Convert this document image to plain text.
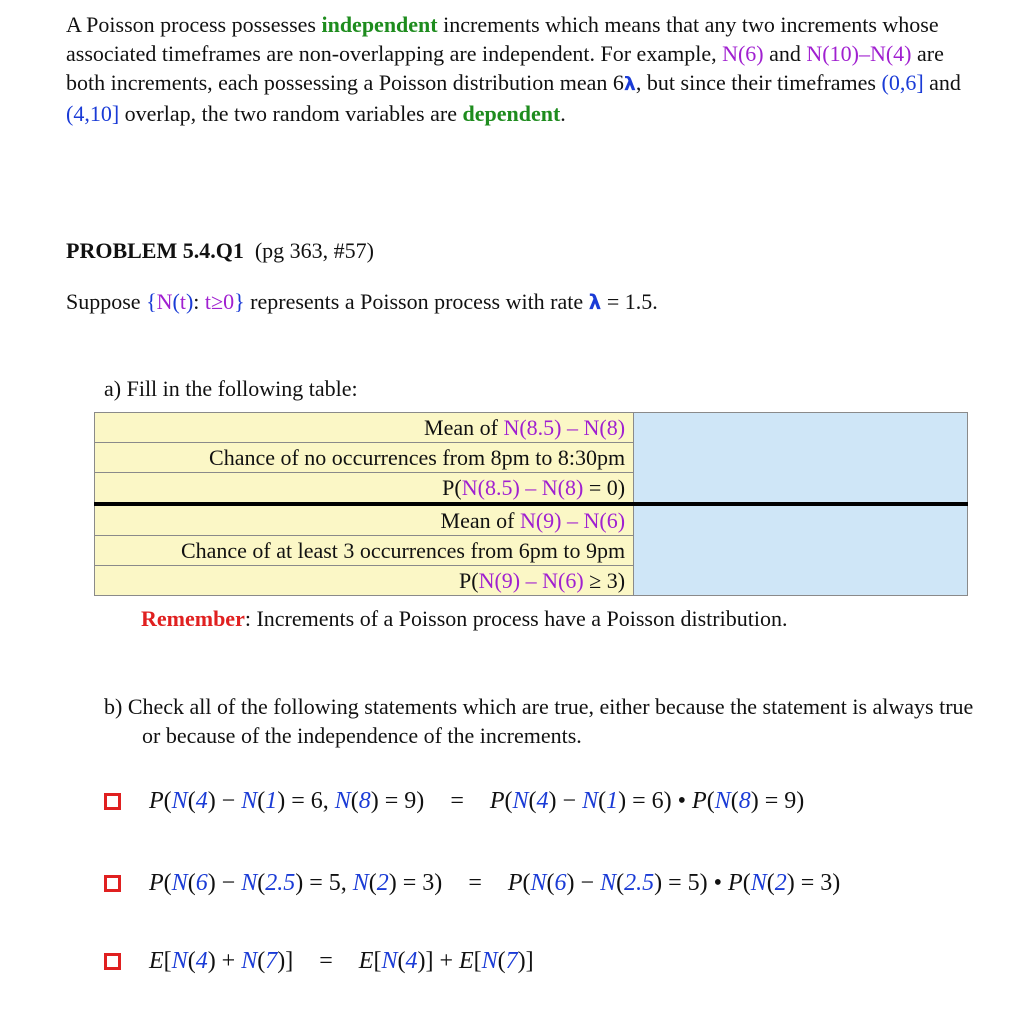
A Poisson process possesses independent increments which means that any two increments whose associated timeframes are non-overlapping are independent. For example, N(6) and N(10)–N(4) are both increments, each possessing a Poisson distribution mean 6λ, but since their timeframes (0,6] and (4,10] overlap, the two random variables are dependent.
PROBLEM 5.4.Q1 (pg 363, #57)
Suppose {N(t): t≥0} represents a Poisson process with rate λ = 1.5.
a) Fill in the following table:
Mean of N(8.5) – N(8)	
Chance of no occurrences from 8pm to 8:30pm	
P(N(8.5) – N(8) = 0)	
Mean of N(9) – N(6)	
Chance of at least 3 occurrences from 6pm to 9pm	
P(N(9) – N(6) ≥ 3)	
Remember: Increments of a Poisson process have a Poisson distribution.
b) Check all of the following statements which are true, either because the statement is always true or because of the independence of the increments.
P(N(4) − N(1) = 6, N(8) = 9) = P(N(4) − N(1) = 6) • P(N(8) = 9)
P(N(6) − N(2.5) = 5, N(2) = 3) = P(N(6) − N(2.5) = 5) • P(N(2) = 3)
E[N(4) + N(7)] = E[N(4)] + E[N(7)]
